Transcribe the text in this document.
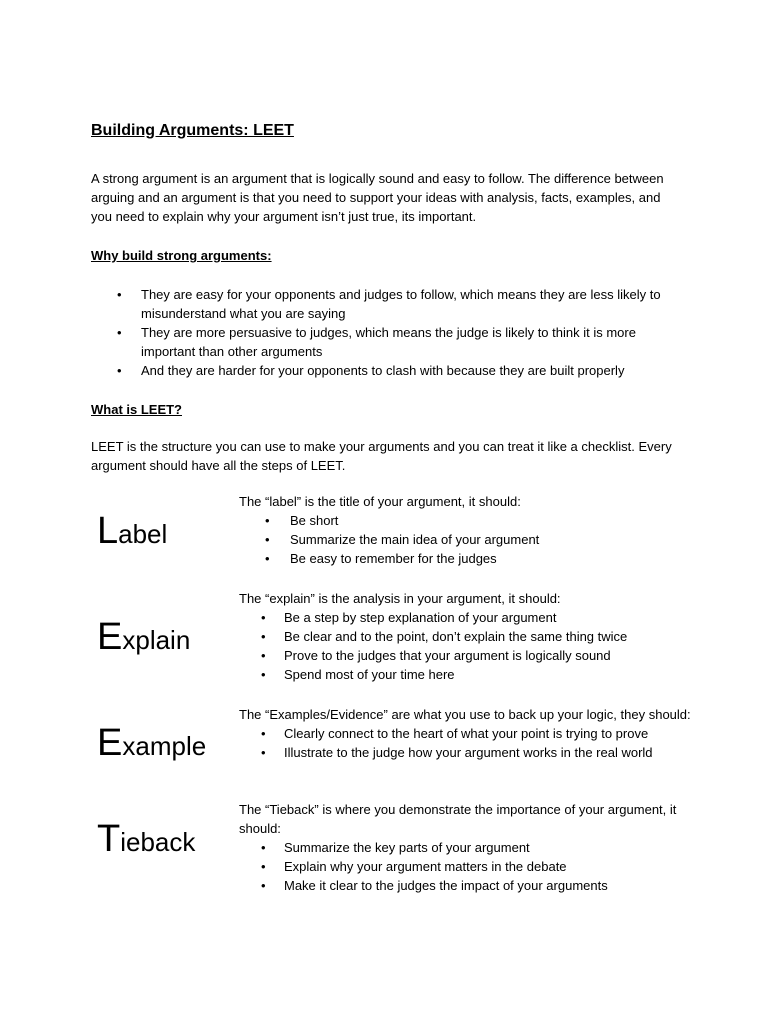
Building Arguments: LEET

A strong argument is an argument that is logically sound and easy to follow. The difference between arguing and an argument is that you need to support your ideas with analysis, facts, examples, and you need to explain why your argument isn’t just true, its important.

Why build strong arguments:

• They are easy for your opponents and judges to follow, which means they are less likely to misunderstand what you are saying
• They are more persuasive to judges, which means the judge is likely to think it is more important than other arguments
• And they are harder for your opponents to clash with because they are built properly

What is LEET?

LEET is the structure you can use to make your arguments and you can treat it like a checklist. Every argument should have all the steps of LEET.

Label

The “label” is the title of your argument, it should:

• Be short
• Summarize the main idea of your argument
• Be easy to remember for the judges

Explain

The “explain” is the analysis in your argument, it should:

• Be a step by step explanation of your argument
• Be clear and to the point, don’t explain the same thing twice
• Prove to the judges that your argument is logically sound
• Spend most of your time here

Example

The “Examples/Evidence” are what you use to back up your logic, they should:

• Clearly connect to the heart of what your point is trying to prove
• Illustrate to the judge how your argument works in the real world

Tieback

The “Tieback” is where you demonstrate the importance of your argument, it should:

• Summarize the key parts of your argument
• Explain why your argument matters in the debate
• Make it clear to the judges the impact of your arguments
